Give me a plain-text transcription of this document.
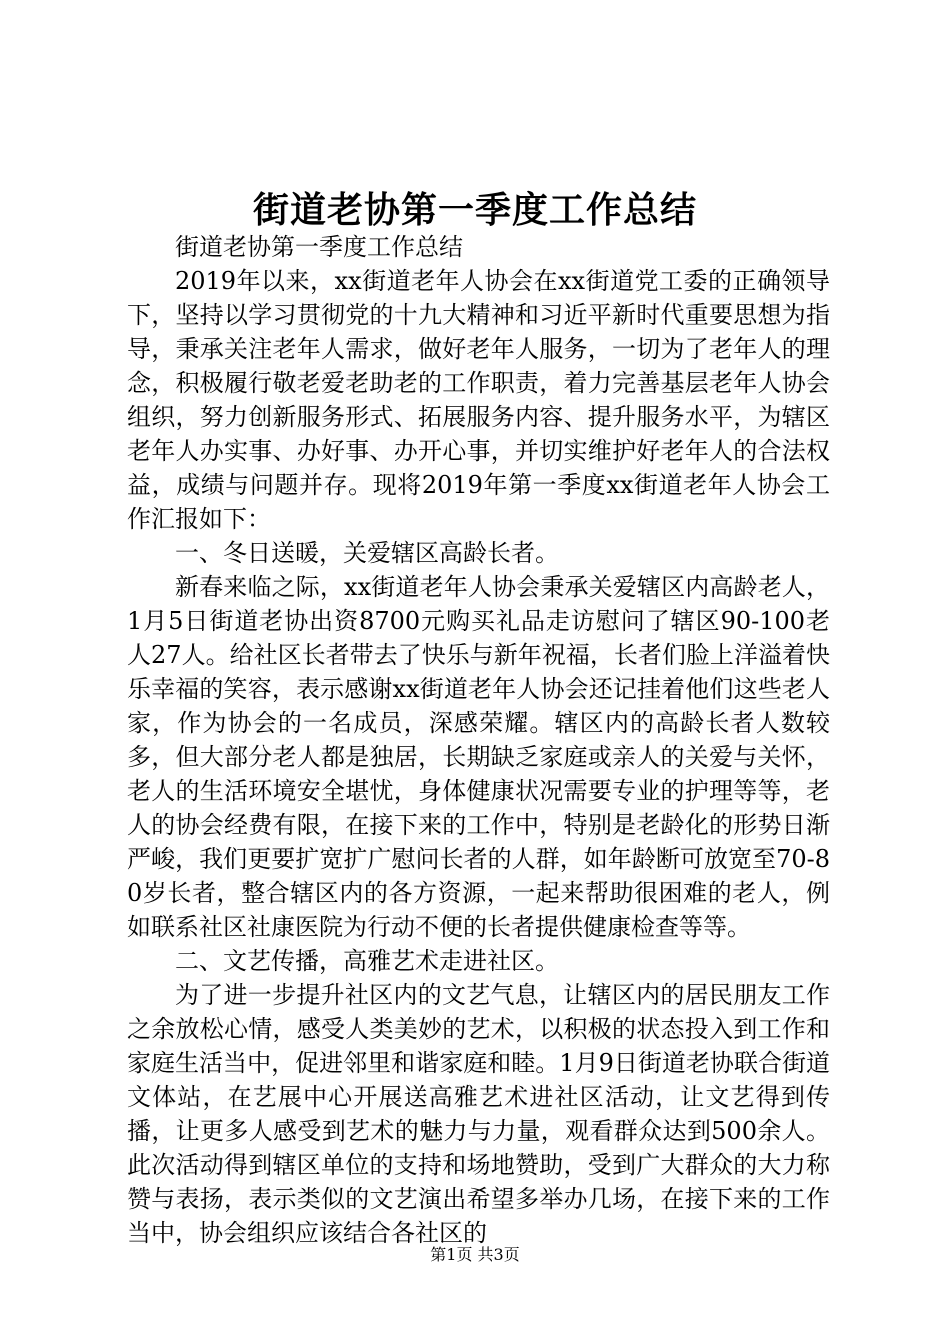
街道老协第一季度工作总结

街道老协第一季度工作总结

2019年以来，xx街道老年人协会在xx街道党工委的正确领导下，坚持以学习贯彻党的十九大精神和习近平新时代重要思想为指导，秉承关注老年人需求，做好老年人服务，一切为了老年人的理念，积极履行敬老爱老助老的工作职责，着力完善基层老年人协会组织，努力创新服务形式、拓展服务内容、提升服务水平，为辖区老年人办实事、办好事、办开心事，并切实维护好老年人的合法权益，成绩与问题并存。现将2019年第一季度xx街道老年人协会工作汇报如下：

一、冬日送暖，关爱辖区高龄长者。

新春来临之际，xx街道老年人协会秉承关爱辖区内高龄老人，1月5日街道老协出资8700元购买礼品走访慰问了辖区90-100老人27人。给社区长者带去了快乐与新年祝福，长者们脸上洋溢着快乐幸福的笑容，表示感谢xx街道老年人协会还记挂着他们这些老人家，作为协会的一名成员，深感荣耀。辖区内的高龄长者人数较多，但大部分老人都是独居，长期缺乏家庭或亲人的关爱与关怀，老人的生活环境安全堪忧，身体健康状况需要专业的护理等等，老人的协会经费有限，在接下来的工作中，特别是老龄化的形势日渐严峻，我们更要扩宽扩广慰问长者的人群，如年龄断可放宽至70-80岁长者，整合辖区内的各方资源，一起来帮助很困难的老人，例如联系社区社康医院为行动不便的长者提供健康检查等等。

二、文艺传播，高雅艺术走进社区。

为了进一步提升社区内的文艺气息，让辖区内的居民朋友工作之余放松心情，感受人类美妙的艺术，以积极的状态投入到工作和家庭生活当中，促进邻里和谐家庭和睦。1月9日街道老协联合街道文体站，在艺展中心开展送高雅艺术进社区活动，让文艺得到传播，让更多人感受到艺术的魅力与力量，观看群众达到500余人。此次活动得到辖区单位的支持和场地赞助，受到广大群众的大力称赞与表扬，表示类似的文艺演出希望多举办几场，在接下来的工作当中，协会组织应该结合各社区的

第1页 共3页
